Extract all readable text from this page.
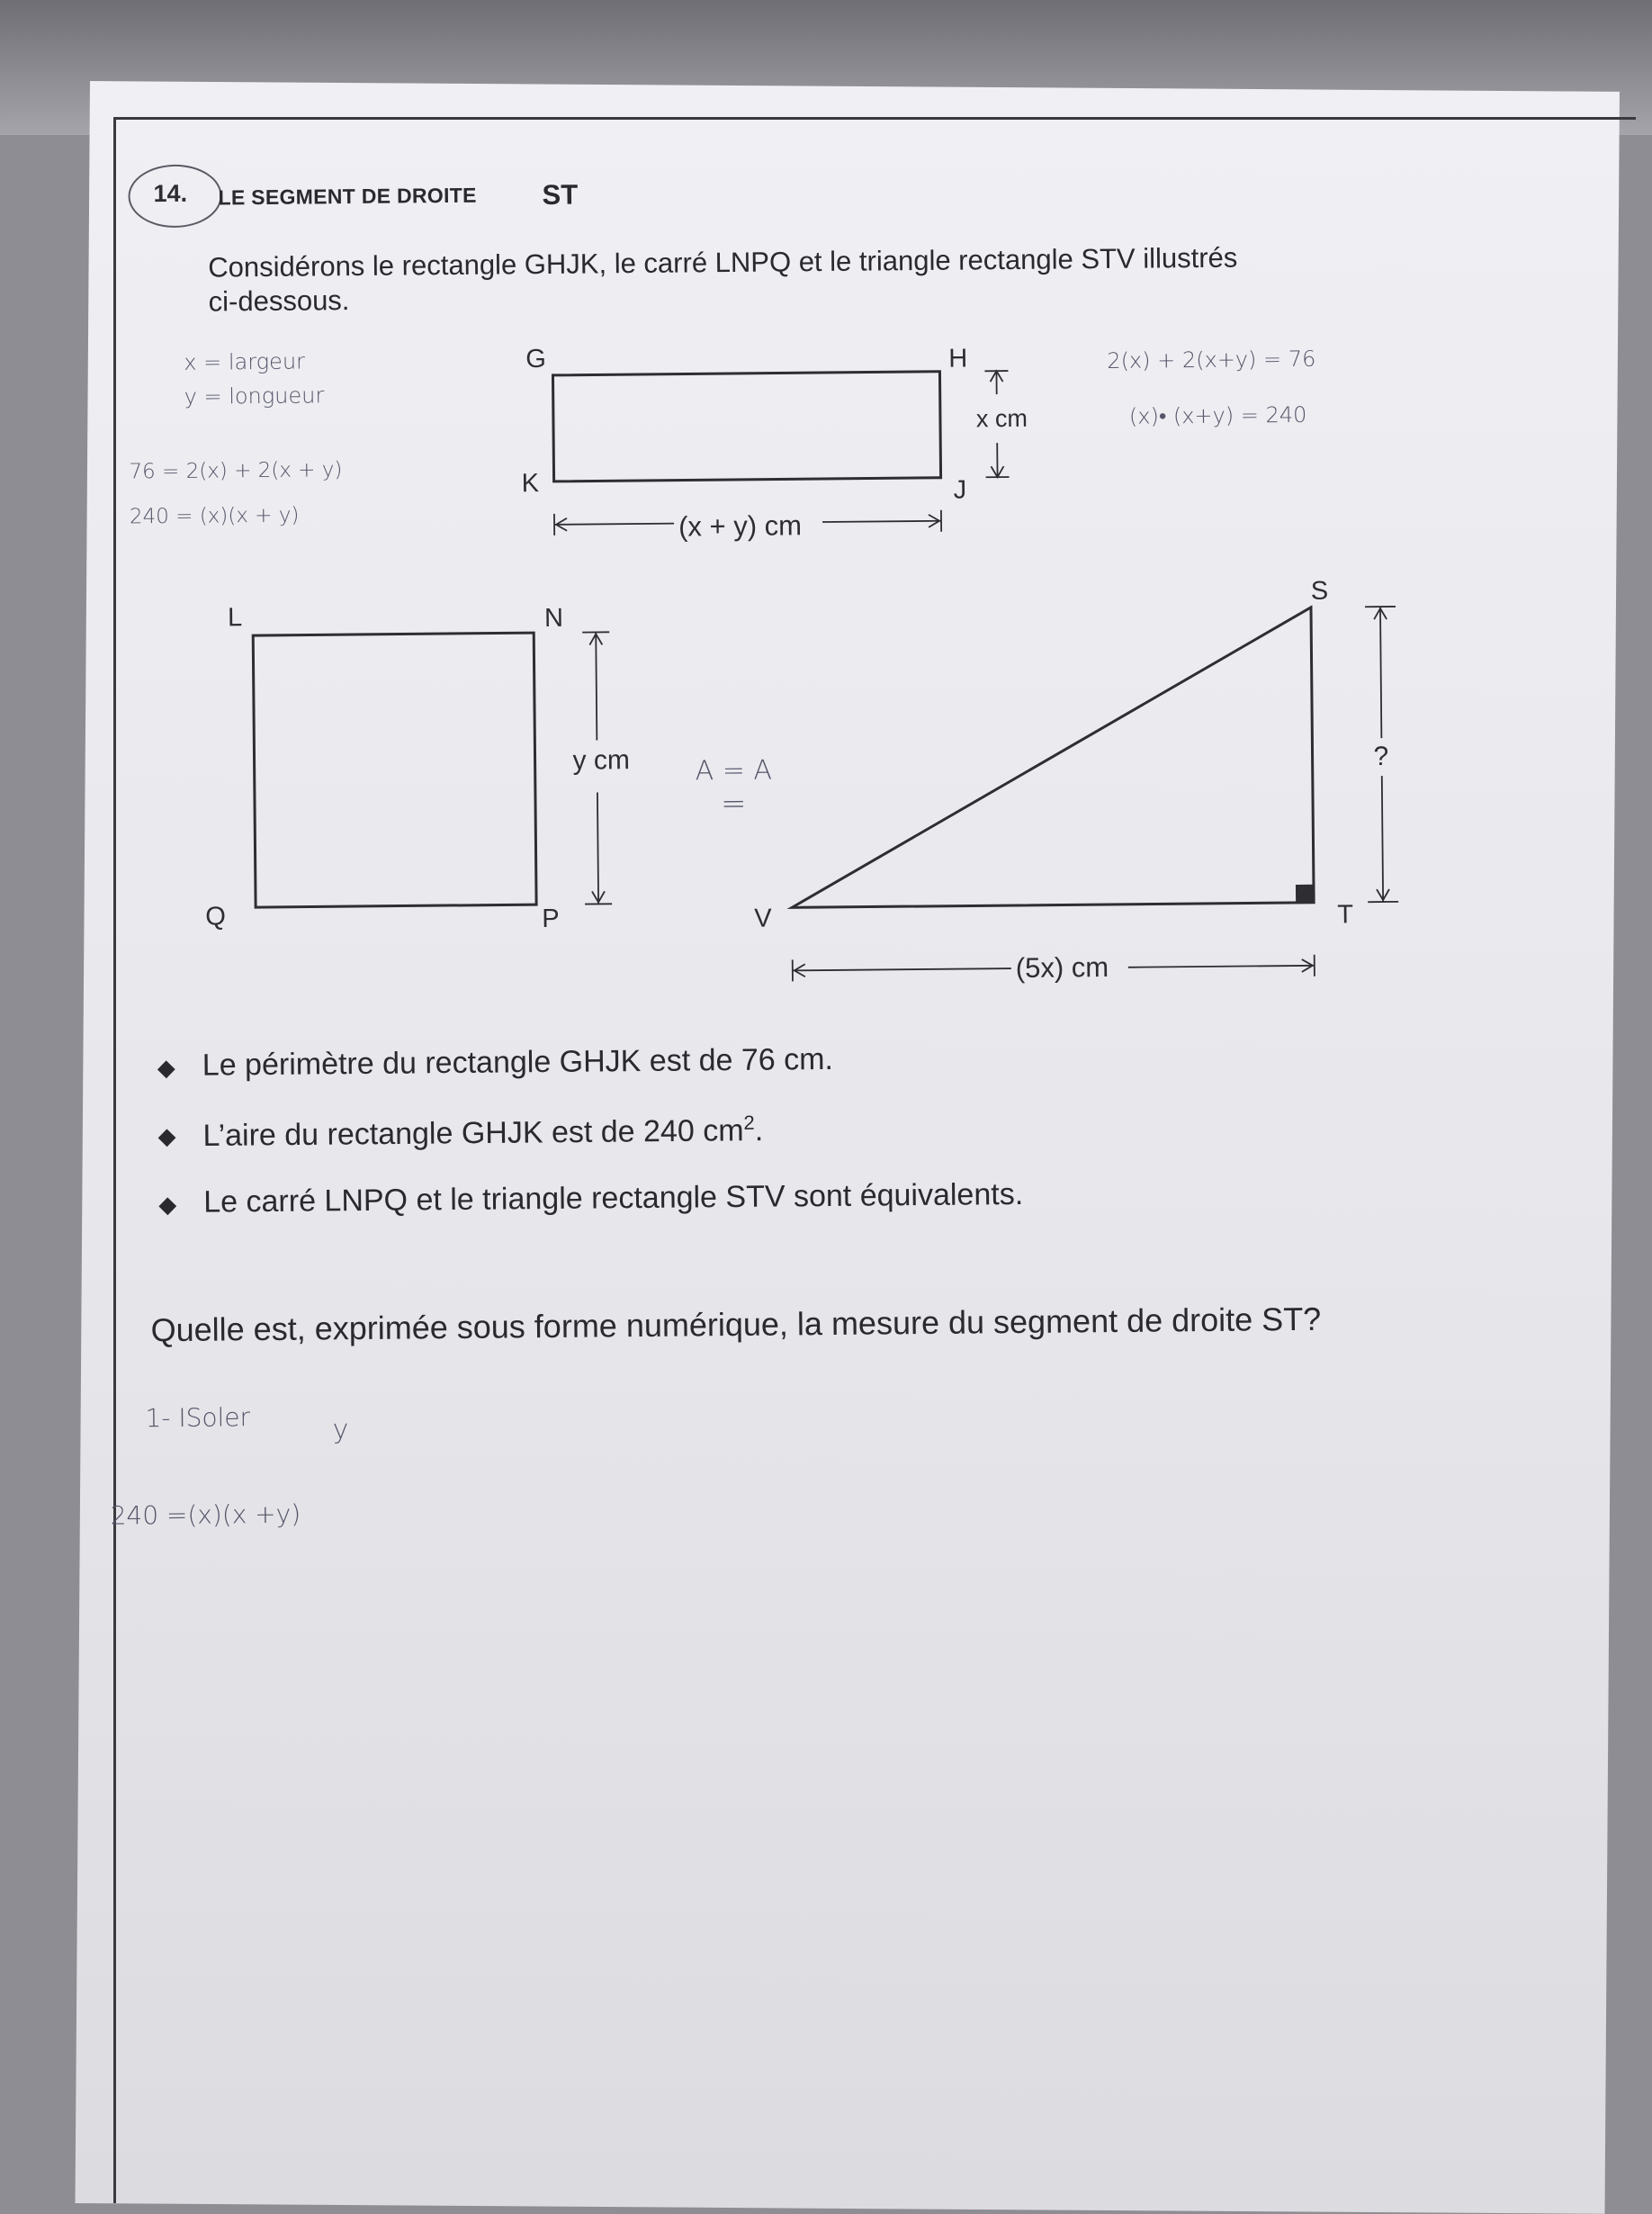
14. LE SEGMENT DE DROITE ST
Considérons le rectangle GHJK, le carré LNPQ et le triangle rectangle STV illustrés
ci-dessous.
x = largeur
y = longueur
76 = 2(x) + 2(x + y)
240 = (x)(x + y)
2(x) + 2(x+y) = 76
(x)• (x+y) = 240
G	H
J
K
L	N
P
Q
S
T
V
x cm
(x + y) cm
y cm	?
(5x) cm
A = A
=
◆ Le périmètre du rectangle GHJK est de 76 cm.
◆ L’aire du rectangle GHJK est de 240 $cm^2$.
◆ Le carré LNPQ et le triangle rectangle STV sont équivalents.
Quelle est, exprimée sous forme numérique, la mesure du segment de droite ST?
1- ISoler	y
240 =(x)(x +y)
